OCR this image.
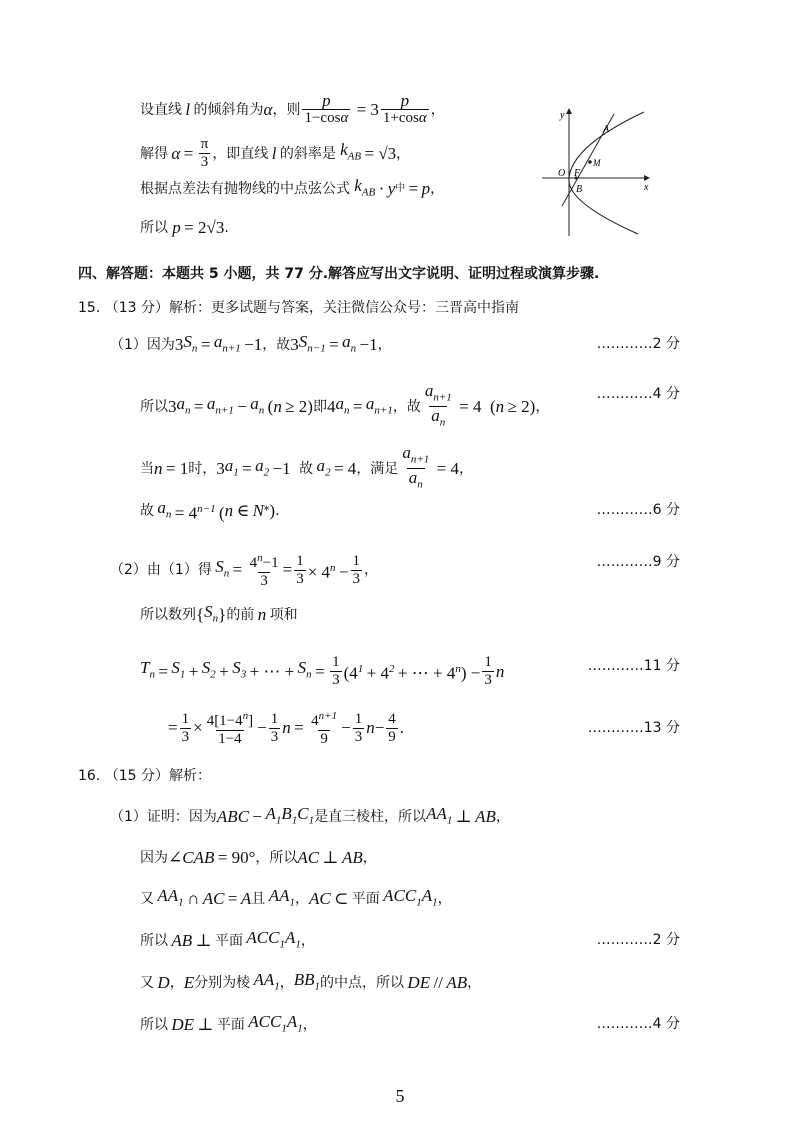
设直线  l  的倾斜角为 α ，则 $\frac{p}{1-\cos\alpha} = 3 \frac{p}{1+\cos\alpha}$ ，
解得  $\alpha = \frac{\pi}{3}$ ，即直线  l  的斜率是 $k_{AB} = √3$ ，
根据点差法有抛物线的中点弦公式 $k_{AB} \cdot y$ 中  =  p ，
所以 p  = 2√3 .
y
x
O F
A
B
M
四、解答题：本题共 5 小题，共 77 分.解答应写出文字说明、证明过程或演算步骤.
15. （13 分）解析：更多试题与答案，关注微信公众号：三晋高中指南
（1）因为 3 $S_n = a_{n+1} -1$ ，故 3 $S_{n-1} = a_n -1$ ，	…………2 分
所以 3 $a_n = a_{n+1} - a_n$  ( n  ≥ 2) 即 4 $a_n = a_{n+1}$ ，故 $\frac{a_{n+1}}{a_n} = 4$  ( n  ≥ 2) ，
…………4 分
当 n  = 1 时， 3 $a_1 = a_2 -1$ 故  $a_2 = 4$ ，满足 $\frac{a_{n+1}}{a_n} = 4$ ，
故  $a_n = 4^{n-1}$ ( n  ∈  N * ) .	…………6 分
（2）由（1）得  $S_n = \frac{4^n-1}{3} = \frac{1}{3} \times 4^n - \frac{1}{3}$ ，	…………9 分
所以数列 { $S_n$ } 的前  n  项和
$T_n = S_1 + S_2 + S_3$  + ⋯ +  $S_n = \frac{1}{3} (4^1 + 4^2$ + ⋯ + $4^n) - \frac{1}{3}$ n	…………11 分
= $\frac{1}{3} \times \frac{4[1-4^n]}{1-4} - \frac{1}{3}$ $n = \frac{4^{n+1}}{9} - \frac{1}{3}$ $n - \frac{4}{9}$ .	…………13 分
16. （15 分）解析：
（1）证明：因为 ABC  −  $A_1B_1C_1$ 是直三棱柱，所以 $AA_1$  ⊥  AB ，
因为 ∠ CAB  = 90° ，所以 AC  ⊥  AB ，
又  $AA_1$  ∩  AC  =  A 且  $AA_1$ ， AC  ⊂  平面  $ACC_1A_1$ ，
所以  AB  ⊥  平面  $ACC_1A_1$ ，	…………2 分
又  D ， E 分别为棱  $AA_1$ ， $BB_1$ 的中点，所以  DE  //  AB ，
所以  DE  ⊥  平面  $ACC_1A_1$ ，	…………4 分
5
